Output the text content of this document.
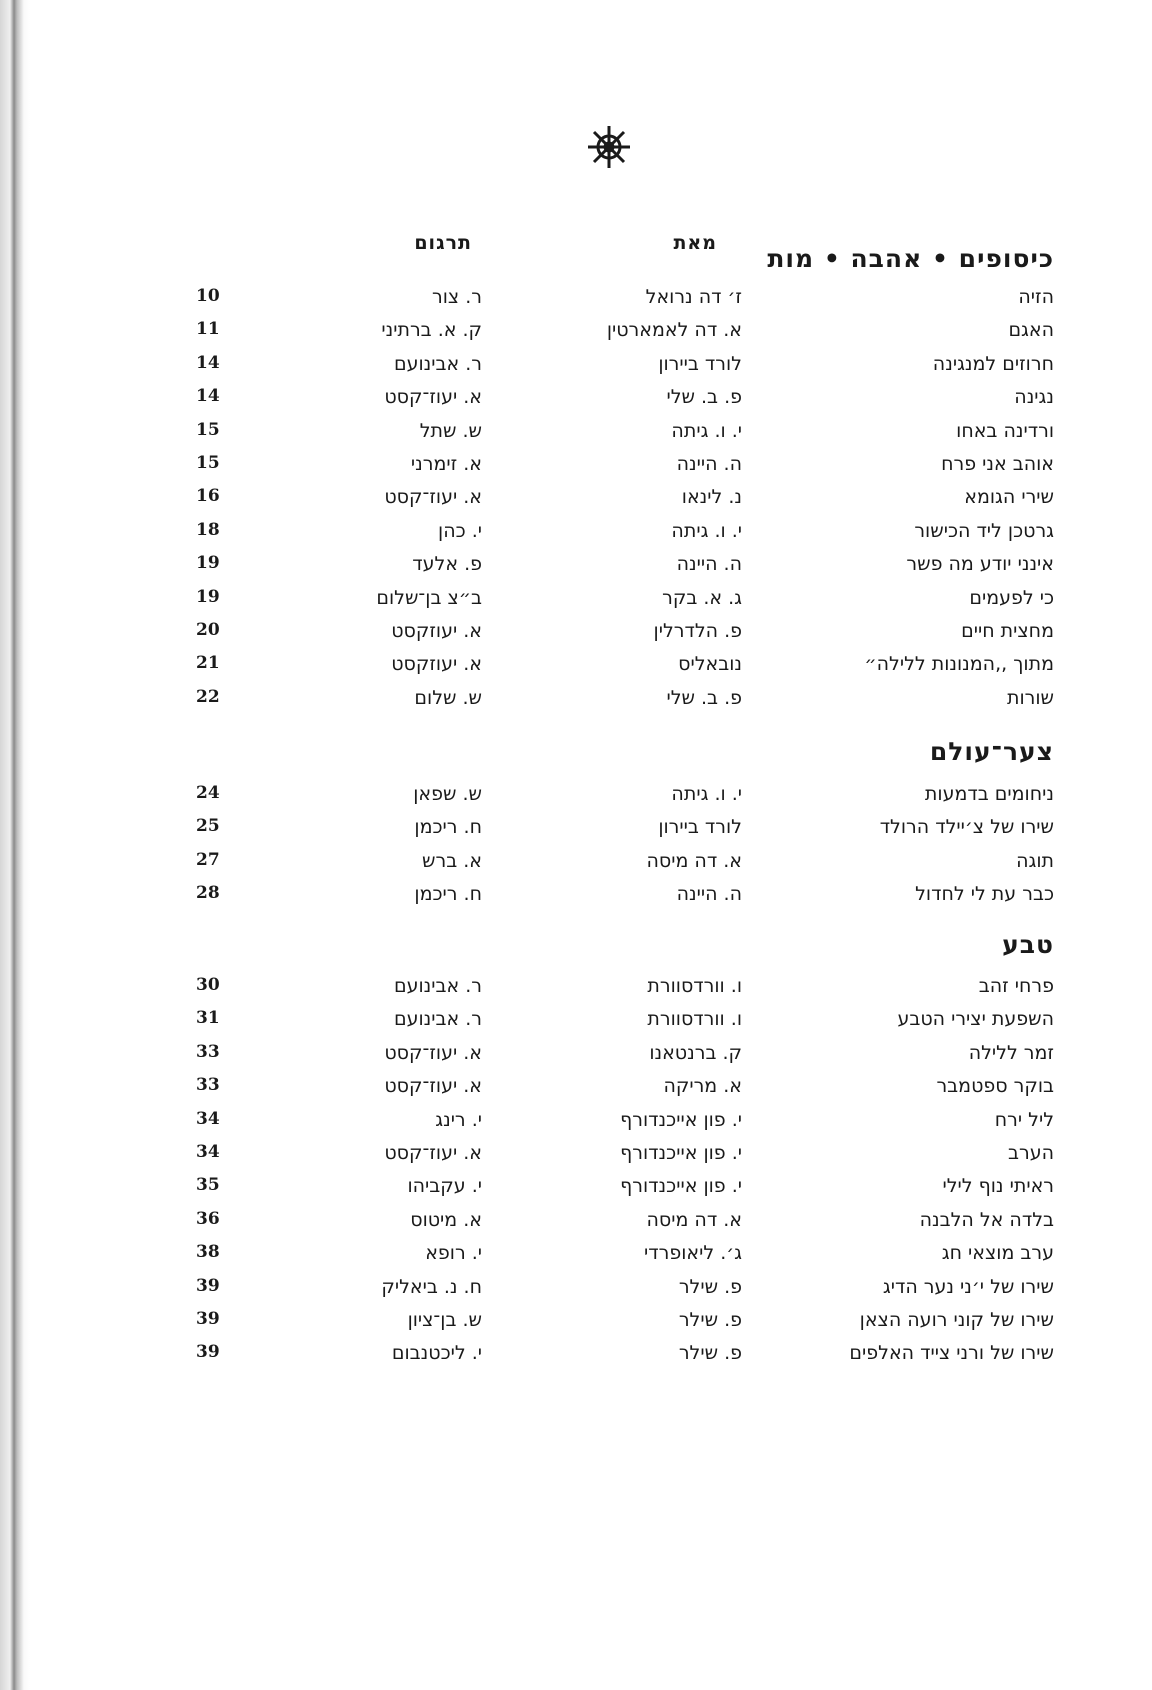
מאת
תרגום
כיסופים • אהבה • מות
הזיה
ז׳ דה נרואל
ר. צור
10
האגם
א. דה לאמארטין
ק. א. ברתיני
11
חרוזים למנגינה
לורד ביירון
ר. אבינועם
14
נגינה
פ. ב. שלי
א. יעוז־קסט
14
ורדינה באחו
י. ו. גיתה
ש. שתל
15
אוהב אני פרח
ה. היינה
א. זימרני
15
שירי הגומא
נ. לינאו
א. יעוז־קסט
16
גרטכן ליד הכישור
י. ו. גיתה
י. כהן
18
אינני יודע מה פשר
ה. היינה
פ. אלעד
19
כי לפעמים
ג. א. בקר
ב״צ בן־שלום
19
מחצית חיים
פ. הלדרלין
א. יעוזקסט
20
מתוך ,,המנונות ללילה״
נובאליס
א. יעוזקסט
21
שורות
פ. ב. שלי
ש. שלום
22
צער־עולם
ניחומים בדמעות
י. ו. גיתה
ש. שפאן
24
שירו של צ׳יילד הרולד
לורד ביירון
ח. ריכמן
25
תוגה
א. דה מיסה
א. ברש
27
כבר עת לי לחדול
ה. היינה
ח. ריכמן
28
טבע
פרחי זהב
ו. וורדסוורת
ר. אבינועם
30
השפעת יצירי הטבע
ו. וורדסוורת
ר. אבינועם
31
זמר ללילה
ק. ברנטאנו
א. יעוז־קסט
33
בוקר ספטמבר
א. מריקה
א. יעוז־קסט
33
ליל ירח
י. פון אייכנדורף
י. רינג
34
הערב
י. פון אייכנדורף
א. יעוז־קסט
34
ראיתי נוף לילי
י. פון אייכנדורף
י. עקביהו
35
בלדה אל הלבנה
א. דה מיסה
א. מיטוס
36
ערב מוצאי חג
ג׳. ליאופרדי
י. רופא
38
שירו של י׳ני נער הדיג
פ. שילר
ח. נ. ביאליק
39
שירו של קוני רועה הצאן
פ. שילר
ש. בן־ציון
39
שירו של ורני צייד האלפים
פ. שילר
י. ליכטנבום
39
